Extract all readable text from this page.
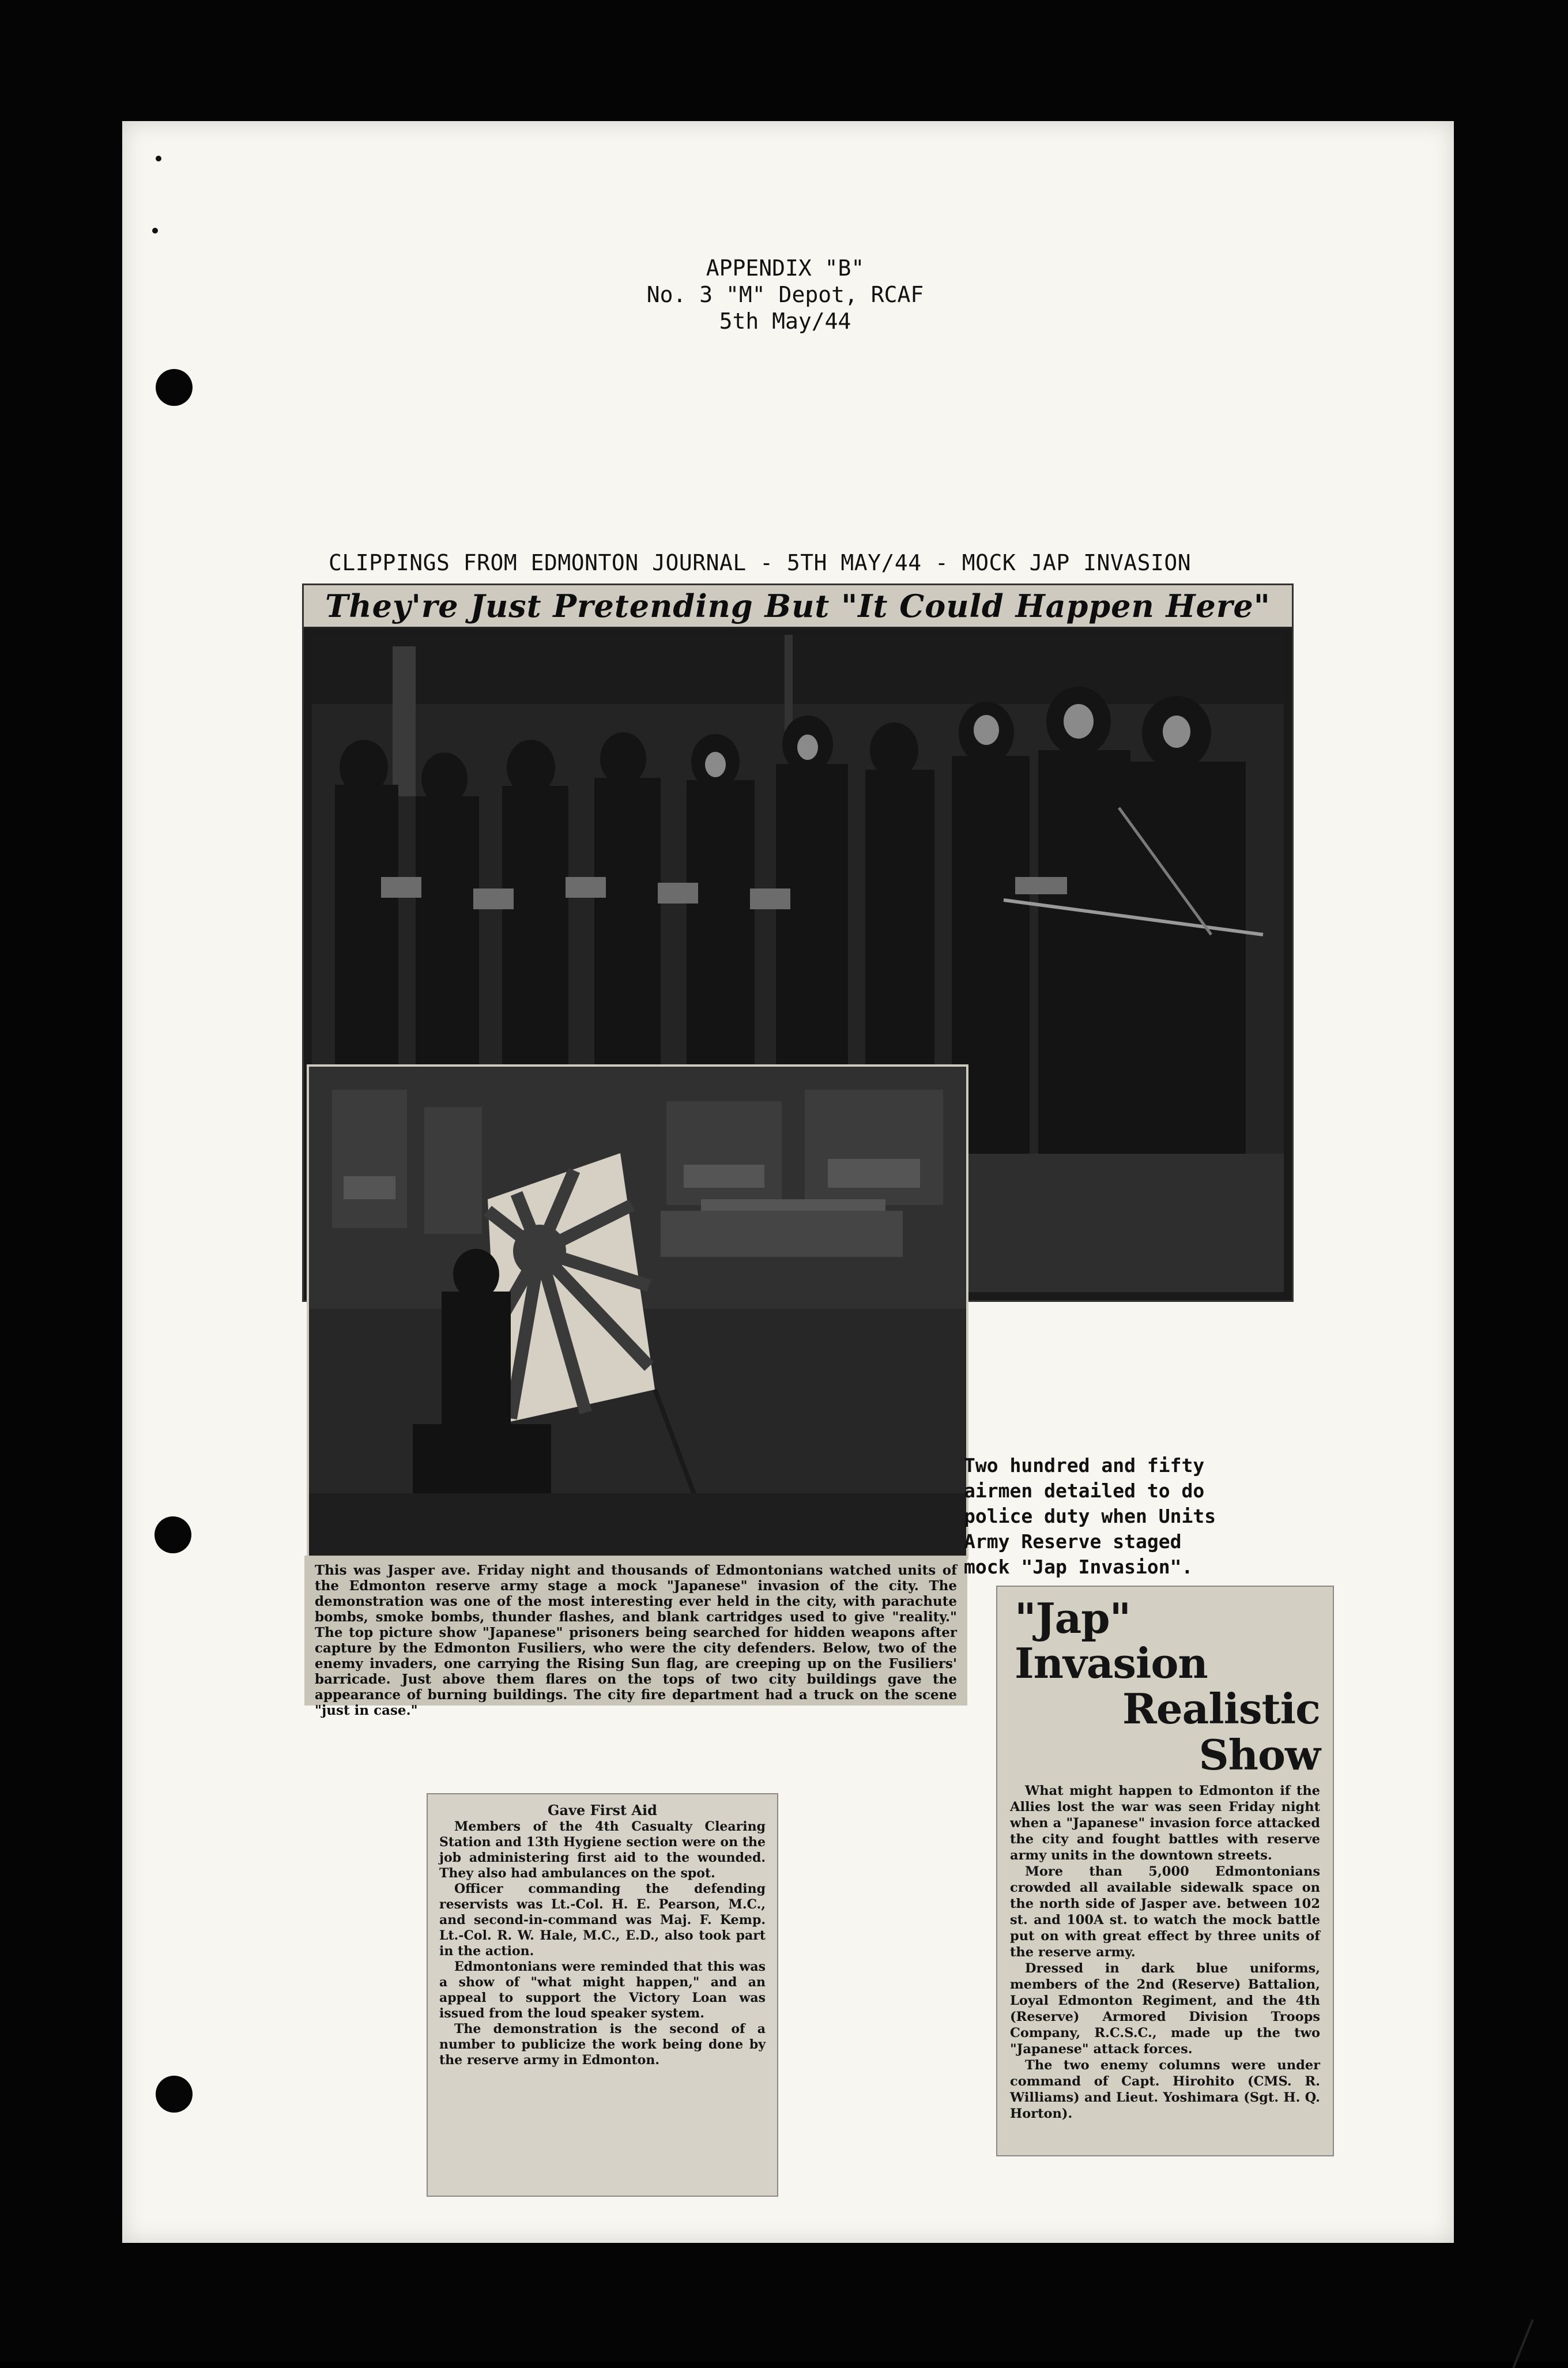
APPENDIX "B"
No. 3 "M" Depot, RCAF
5th May/44
CLIPPINGS FROM EDMONTON JOURNAL - 5TH MAY/44 - MOCK JAP INVASION
They're Just Pretending But "It Could Happen Here"
This was Jasper ave. Friday night and thousands of Edmontonians watched units of the Edmonton reserve army stage a mock "Japanese" invasion of the city. The demonstration was one of the most interesting ever held in the city, with parachute bombs, smoke bombs, thunder flashes, and blank cartridges used to give "reality." The top picture show "Japanese" prisoners being searched for hidden weapons after capture by the Edmonton Fusiliers, who were the city defenders. Below, two of the enemy invaders, one carrying the Rising Sun flag, are creeping up on the Fusiliers' barricade. Just above them flares on the tops of two city buildings gave the appearance of burning buildings. The city fire department had a truck on the scene "just in case."
Two hundred and fifty
airmen detailed to do
police duty when Units
Army Reserve staged
mock "Jap Invasion".
Gave First Aid

Members of the 4th Casualty Clearing Station and 13th Hygiene section were on the job administering first aid to the wounded. They also had ambulances on the spot.

Officer commanding the defending reservists was Lt.-Col. H. E. Pearson, M.C., and second-in-command was Maj. F. Kemp. Lt.-Col. R. W. Hale, M.C., E.D., also took part in the action.

Edmontonians were reminded that this was a show of "what might happen," and an appeal to support the Victory Loan was issued from the loud speaker system.

The demonstration is the second of a number to publicize the work being done by the reserve army in Edmonton.

"Jap" Invasion
Realistic Show

What might happen to Edmonton if the Allies lost the war was seen Friday night when a "Japanese" invasion force attacked the city and fought battles with reserve army units in the downtown streets.

More than 5,000 Edmontonians crowded all available sidewalk space on the north side of Jasper ave. between 102 st. and 100A st. to watch the mock battle put on with great effect by three units of the reserve army.

Dressed in dark blue uniforms, members of the 2nd (Reserve) Battalion, Loyal Edmonton Regiment, and the 4th (Reserve) Armored Division Troops Company, R.C.S.C., made up the two "Japanese" attack forces.

The two enemy columns were under command of Capt. Hirohito (CMS. R. Williams) and Lieut. Yoshimara (Sgt. H. Q. Horton).
